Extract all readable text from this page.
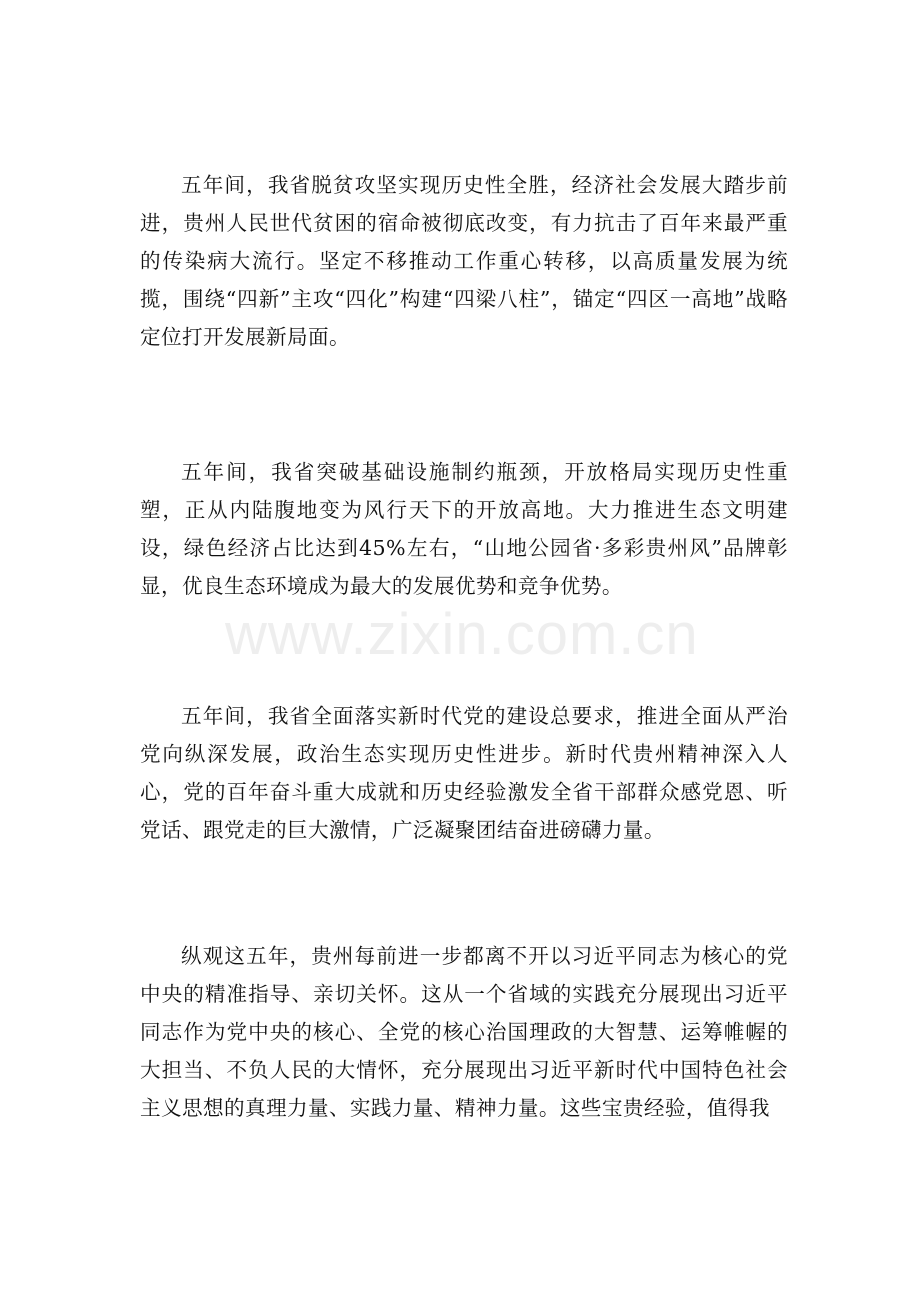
五年间，我省脱贫攻坚实现历史性全胜，经济社会发展大踏步前进，贵州人民世代贫困的宿命被彻底改变，有力抗击了百年来最严重的传染病大流行。坚定不移推动工作重心转移，以高质量发展为统揽，围绕“四新”主攻“四化”构建“四梁八柱”，锚定“四区一高地”战略定位打开发展新局面。

五年间，我省突破基础设施制约瓶颈，开放格局实现历史性重塑，正从内陆腹地变为风行天下的开放高地。大力推进生态文明建设，绿色经济占比达到45%左右，“山地公园省·多彩贵州风”品牌彰显，优良生态环境成为最大的发展优势和竞争优势。

五年间，我省全面落实新时代党的建设总要求，推进全面从严治党向纵深发展，政治生态实现历史性进步。新时代贵州精神深入人心，党的百年奋斗重大成就和历史经验激发全省干部群众感党恩、听党话、跟党走的巨大激情，广泛凝聚团结奋进磅礴力量。

纵观这五年，贵州每前进一步都离不开以习近平同志为核心的党中央的精准指导、亲切关怀。这从一个省域的实践充分展现出习近平同志作为党中央的核心、全党的核心治国理政的大智慧、运筹帷幄的大担当、不负人民的大情怀，充分展现出习近平新时代中国特色社会主义思想的真理力量、实践力量、精神力量。这些宝贵经验，值得我

www.zixin.com.cn
